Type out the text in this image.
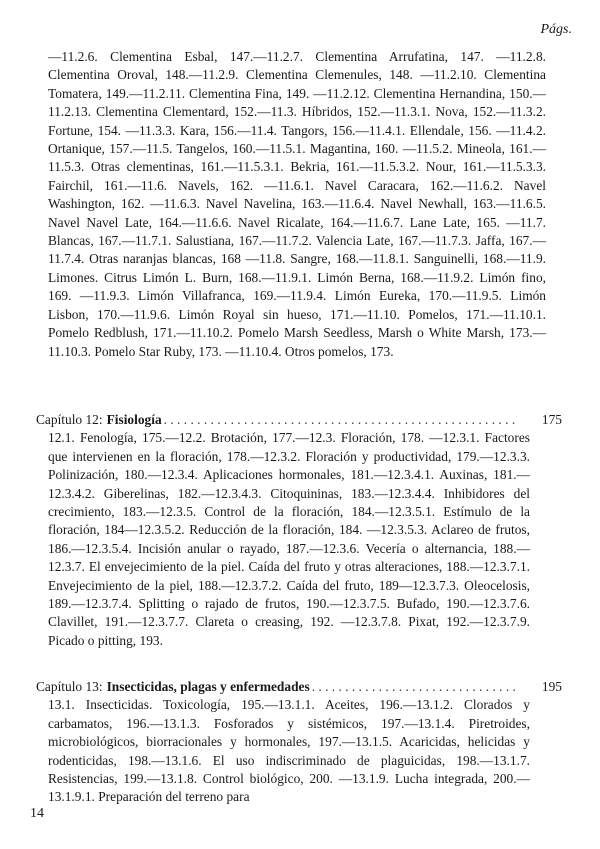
Págs.
—11.2.6. Clementina Esbal, 147.—11.2.7. Clementina Arrufatina, 147. —11.2.8. Clementina Oroval, 148.—11.2.9. Clementina Clemenules, 148. —11.2.10. Clementina Tomatera, 149.—11.2.11. Clementina Fina, 149. —11.2.12. Clementina Hernandina, 150.—11.2.13. Clementina Clementard, 152.—11.3. Híbridos, 152.—11.3.1. Nova, 152.—11.3.2. Fortune, 154. —11.3.3. Kara, 156.—11.4. Tangors, 156.—11.4.1. Ellendale, 156. —11.4.2. Ortanique, 157.—11.5. Tangelos, 160.—11.5.1. Magantina, 160. —11.5.2. Mineola, 161.—11.5.3. Otras clementinas, 161.—11.5.3.1. Bekria, 161.—11.5.3.2. Nour, 161.—11.5.3.3. Fairchil, 161.—11.6. Navels, 162. —11.6.1. Navel Caracara, 162.—11.6.2. Navel Washington, 162. —11.6.3. Navel Navelina, 163.—11.6.4. Navel Newhall, 163.—11.6.5. Navel Navel Late, 164.—11.6.6. Navel Ricalate, 164.—11.6.7. Lane Late, 165. —11.7. Blancas, 167.—11.7.1. Salustiana, 167.—11.7.2. Valencia Late, 167.—11.7.3. Jaffa, 167.—11.7.4. Otras naranjas blancas, 168 —11.8. Sangre, 168.—11.8.1. Sanguinelli, 168.—11.9. Limones. Citrus Limón L. Burn, 168.—11.9.1. Limón Berna, 168.—11.9.2. Limón fino, 169. —11.9.3. Limón Villafranca, 169.—11.9.4. Limón Eureka, 170.—11.9.5. Limón Lisbon, 170.—11.9.6. Limón Royal sin hueso, 171.—11.10. Pomelos, 171.—11.10.1. Pomelo Redblush, 171.—11.10.2. Pomelo Marsh Seedless, Marsh o White Marsh, 173.—11.10.3. Pomelo Star Ruby, 173. —11.10.4. Otros pomelos, 173.
Capítulo 12: Fisiología . . .	175
12.1. Fenología, 175.—12.2. Brotación, 177.—12.3. Floración, 178. —12.3.1. Factores que intervienen en la floración, 178.—12.3.2. Floración y productividad, 179.—12.3.3. Polinización, 180.—12.3.4. Aplicaciones hormonales, 181.—12.3.4.1. Auxinas, 181.—12.3.4.2. Giberelinas, 182.—12.3.4.3. Citoquininas, 183.—12.3.4.4. Inhibidores del crecimiento, 183.—12.3.5. Control de la floración, 184.—12.3.5.1. Estímulo de la floración, 184—12.3.5.2. Reducción de la floración, 184. —12.3.5.3. Aclareo de frutos, 186.—12.3.5.4. Incisión anular o rayado, 187.—12.3.6. Vecería o alternancia, 188.—12.3.7. El envejecimiento de la piel. Caída del fruto y otras alteraciones, 188.—12.3.7.1. Envejecimiento de la piel, 188.—12.3.7.2. Caída del fruto, 189—12.3.7.3. Oleocelosis, 189.—12.3.7.4. Splitting o rajado de frutos, 190.—12.3.7.5. Bufado, 190.—12.3.7.6. Clavillet, 191.—12.3.7.7. Clareta o creasing, 192. —12.3.7.8. Pixat, 192.—12.3.7.9. Picado o pitting, 193.
Capítulo 13: Insecticidas, plagas y enfermedades . . .	195
13.1. Insecticidas. Toxicología, 195.—13.1.1. Aceites, 196.—13.1.2. Clorados y carbamatos, 196.—13.1.3. Fosforados y sistémicos, 197.—13.1.4. Piretroides, microbiológicos, biorracionales y hormonales, 197.—13.1.5. Acaricidas, helicidas y rodenticidas, 198.—13.1.6. El uso indiscriminado de plaguicidas, 198.—13.1.7. Resistencias, 199.—13.1.8. Control biológico, 200. —13.1.9. Lucha integrada, 200.—13.1.9.1. Preparación del terreno para
14
